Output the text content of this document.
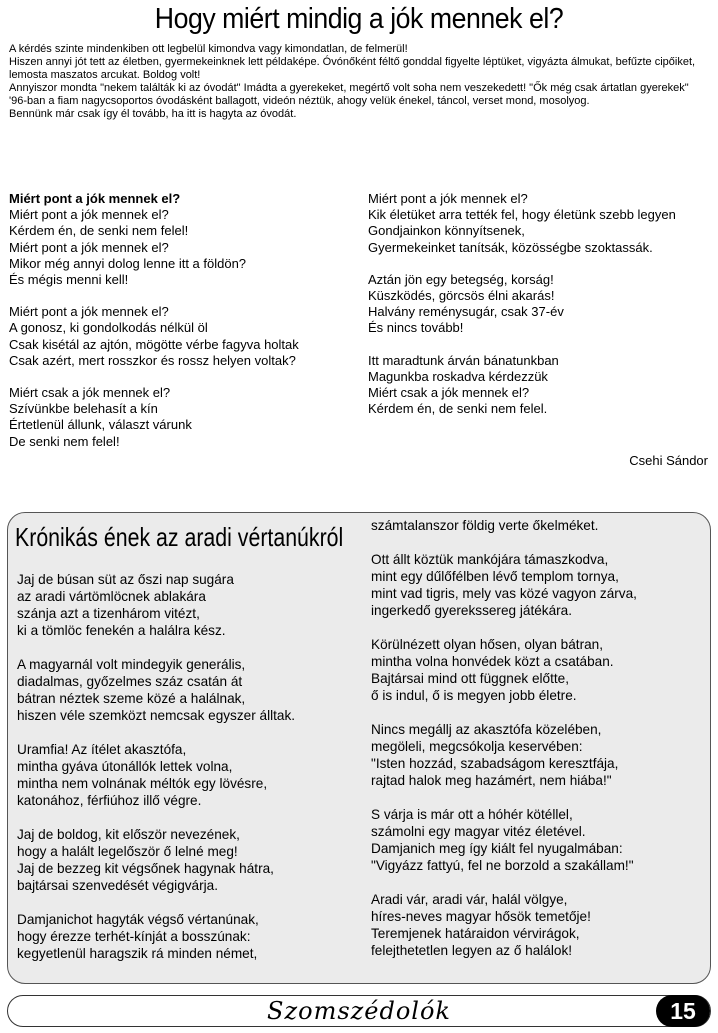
Hogy miért mindig a jók mennek el?

A kérdés szinte mindenkiben ott legbelül kimondva vagy kimondatlan, de felmerül!

Hiszen annyi jót tett az életben, gyermekeinknek lett példaképe. Óvónőként féltő gonddal figyelte léptüket, vigyázta álmukat, befűzte cipőiket, lemosta maszatos arcukat. Boldog volt!

Annyiszor mondta "nekem találták ki az óvodát" Imádta a gyerekeket, megértő volt soha nem veszekedett! "Ők még csak ártatlan gyerekek" '96-ban a fiam nagycsoportos óvodásként ballagott, videón néztük, ahogy velük énekel, táncol, verset mond, mosolyog.

Bennünk már csak így él tovább, ha itt is hagyta az óvodát.

Miért pont a jók mennek el?

Miért pont a jók mennek el?

Kérdem én, de senki nem felel!

Miért pont a jók mennek el?

Mikor még annyi dolog lenne itt a földön?

És mégis menni kell!

Miért pont a jók mennek el?

A gonosz, ki gondolkodás nélkül öl

Csak kisétál az ajtón, mögötte vérbe fagyva holtak

Csak azért, mert rosszkor és rossz helyen voltak?

Miért csak a jók mennek el?

Szívünkbe belehasít a kín

Értetlenül állunk, választ várunk

De senki nem felel!

Miért pont a jók mennek el?

Kik életüket arra tették fel, hogy életünk szebb legyen

Gondjainkon könnyítsenek,

Gyermekeinket tanítsák, közösségbe szoktassák.

Aztán jön egy betegség, korság!

Küszködés, görcsös élni akarás!

Halvány reménysugár, csak 37-év

És nincs tovább!

Itt maradtunk árván bánatunkban

Magunkba roskadva kérdezzük

Miért csak a jók mennek el?

Kérdem én, de senki nem felel.

Csehi Sándor
Krónikás ének az aradi vértanúkról

Jaj de búsan süt az őszi nap sugára

az aradi vártömlöcnek ablakára

szánja azt a tizenhárom vitézt,

ki a tömlöc fenekén a halálra kész.

A magyarnál volt mindegyik generális,

diadalmas, győzelmes száz csatán át

bátran néztek szeme közé a halálnak,

hiszen véle szemközt nemcsak egyszer álltak.

Uramfia! Az ítélet akasztófa,

mintha gyáva útonállók lettek volna,

mintha nem volnának méltók egy lövésre,

katonához, férfiúhoz illő végre.

Jaj de boldog, kit először nevezének,

hogy a halált legelőször ő lelné meg!

Jaj de bezzeg kit végsőnek hagynak hátra,

bajtársai szenvedését végigvárja.

Damjanichot hagyták végső vértanúnak,

hogy érezze terhét-kínját a bosszúnak:

kegyetlenül haragszik rá minden német,

számtalanszor földig verte őkelméket.

Ott állt köztük mankójára támaszkodva,

mint egy dűlőfélben lévő templom tornya,

mint vad tigris, mely vas közé vagyon zárva,

ingerkedő gyerekssereg játékára.

Körülnézett olyan hősen, olyan bátran,

mintha volna honvédek közt a csatában.

Bajtársai mind ott függnek előtte,

ő is indul, ő is megyen jobb életre.

Nincs megállj az akasztófa közelében,

megöleli, megcsókolja keservében:

"Isten hozzád, szabadságom keresztfája,

rajtad halok meg hazámért, nem hiába!"

S várja is már ott a hóhér kötéllel,

számolni egy magyar vitéz életével.

Damjanich meg így kiált fel nyugalmában:

"Vigyázz fattyú, fel ne borzold a szakállam!"

Aradi vár, aradi vár, halál völgye,

híres-neves magyar hősök temetője!

Teremjenek határaidon vérvirágok,

felejthetetlen legyen az ő halálok!

Szomszédolók	15
